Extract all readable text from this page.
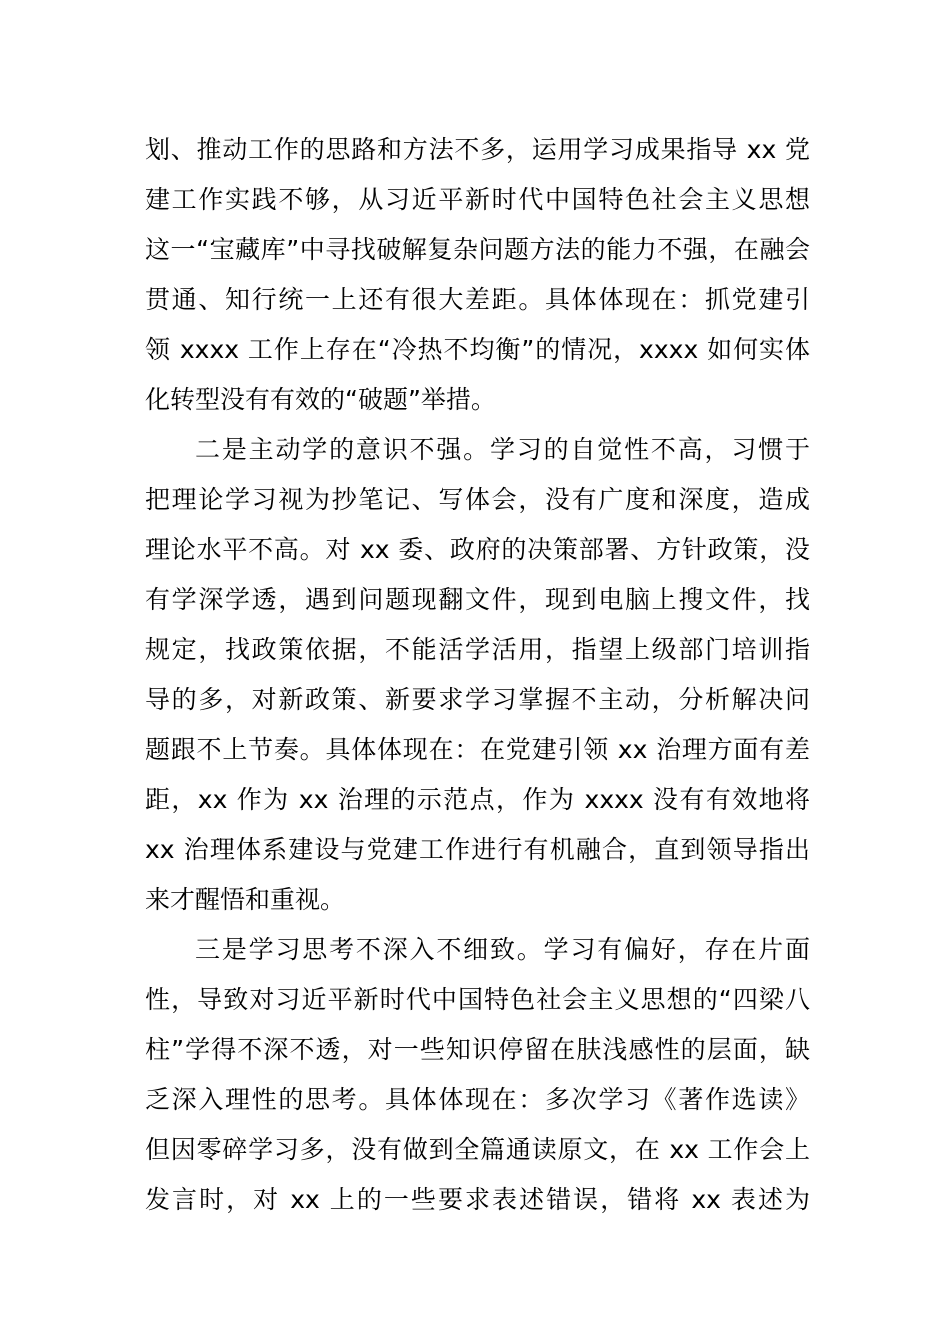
划、推动工作的思路和方法不多，运用学习成果指导 xx 党
建工作实践不够，从习近平新时代中国特色社会主义思想
这一“宝藏库”中寻找破解复杂问题方法的能力不强，在融会
贯通、知行统一上还有很大差距。具体体现在：抓党建引
领 xxxx 工作上存在“冷热不均衡”的情况，xxxx 如何实体
化转型没有有效的“破题”举措。
二是主动学的意识不强。学习的自觉性不高，习惯于
把理论学习视为抄笔记、写体会，没有广度和深度，造成
理论水平不高。对 xx 委、政府的决策部署、方针政策，没
有学深学透，遇到问题现翻文件，现到电脑上搜文件，找
规定，找政策依据，不能活学活用，指望上级部门培训指
导的多，对新政策、新要求学习掌握不主动，分析解决问
题跟不上节奏。具体体现在：在党建引领 xx 治理方面有差
距，xx 作为 xx 治理的示范点，作为 xxxx 没有有效地将
xx 治理体系建设与党建工作进行有机融合，直到领导指出
来才醒悟和重视。
三是学习思考不深入不细致。学习有偏好，存在片面
性，导致对习近平新时代中国特色社会主义思想的“四梁八
柱”学得不深不透，对一些知识停留在肤浅感性的层面，缺
乏深入理性的思考。具体体现在：多次学习《著作选读》
但因零碎学习多，没有做到全篇通读原文，在 xx 工作会上
发言时，对 xx 上的一些要求表述错误，错将 xx 表述为
